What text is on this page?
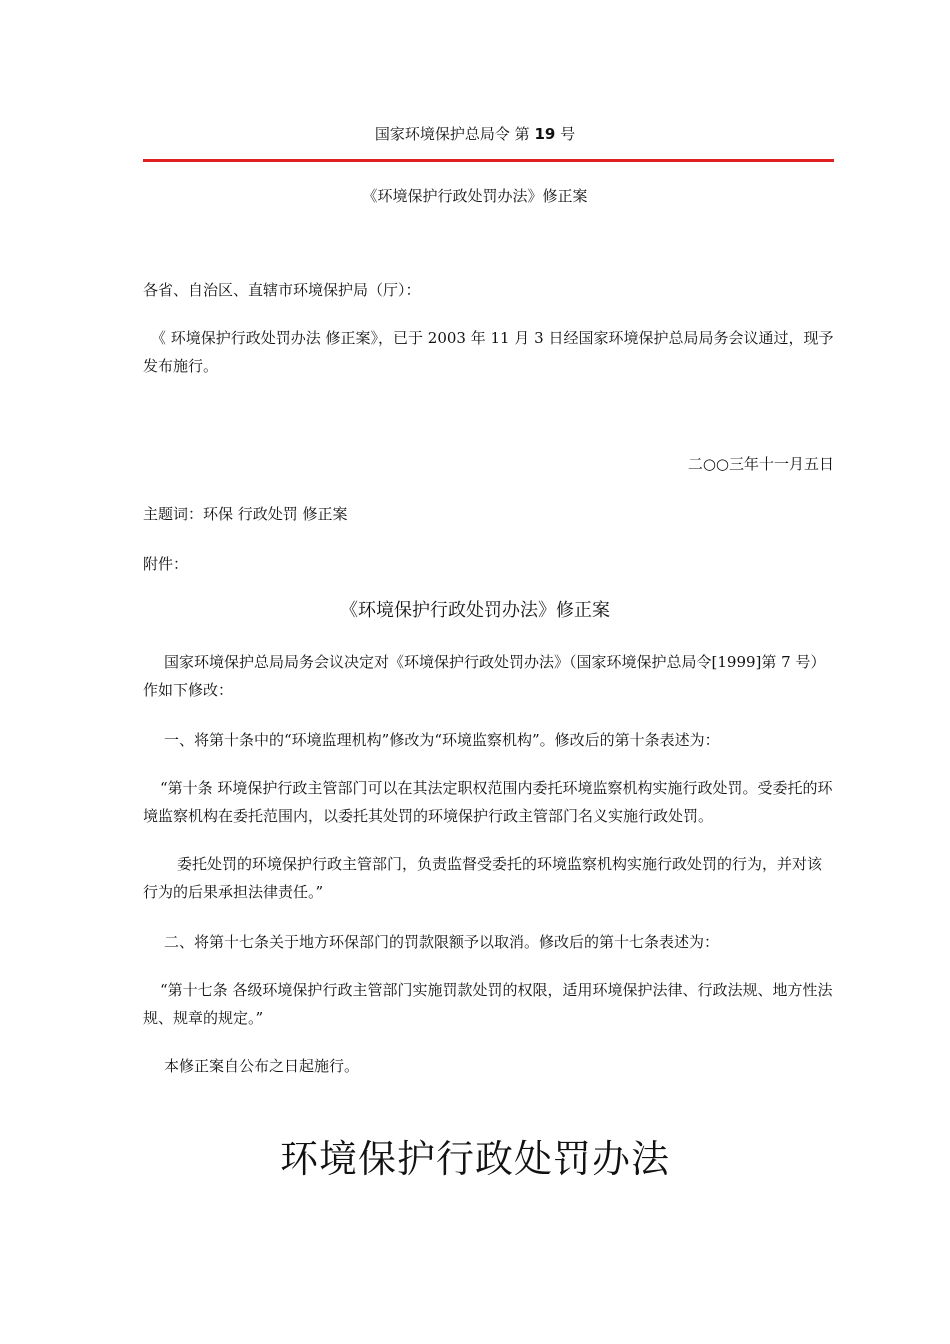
国家环境保护总局令 第 19 号
《环境保护行政处罚办法》修正案

各省、自治区、直辖市环境保护局（厅）：

《 环境保护行政处罚办法 修正案》，已于 2003 年 11 月 3 日经国家环境保护总局局务会议通过，现予发布施行。

二○○三年十一月五日

主题词：环保 行政处罚 修正案

附件：

《环境保护行政处罚办法》修正案

国家环境保护总局局务会议决定对《环境保护行政处罚办法》（国家环境保护总局令[1999]第 7 号）作如下修改：

一、将第十条中的“环境监理机构”修改为“环境监察机构”。修改后的第十条表述为：

“第十条 环境保护行政主管部门可以在其法定职权范围内委托环境监察机构实施行政处罚。受委托的环境监察机构在委托范围内，以委托其处罚的环境保护行政主管部门名义实施行政处罚。

委托处罚的环境保护行政主管部门，负责监督受委托的环境监察机构实施行政处罚的行为，并对该行为的后果承担法律责任。”

二、将第十七条关于地方环保部门的罚款限额予以取消。修改后的第十七条表述为：

“第十七条 各级环境保护行政主管部门实施罚款处罚的权限，适用环境保护法律、行政法规、地方性法规、规章的规定。”

本修正案自公布之日起施行。

环境保护行政处罚办法
